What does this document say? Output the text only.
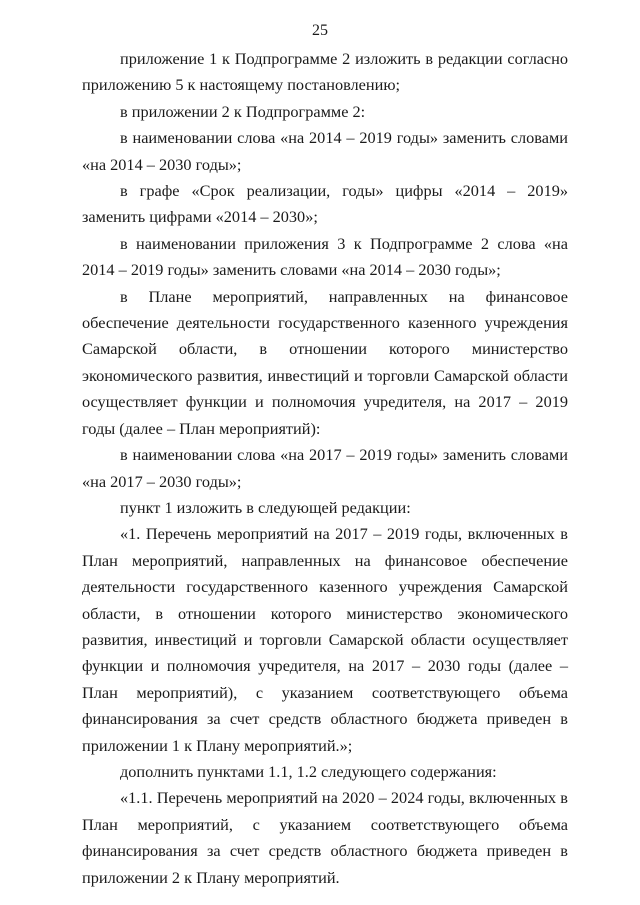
25

приложение 1 к Подпрограмме 2 изложить в редакции согласно приложению 5 к настоящему постановлению;

в приложении 2 к Подпрограмме 2:

в наименовании слова «на 2014 – 2019 годы» заменить словами «на 2014 – 2030 годы»;

в графе «Срок реализации, годы» цифры «2014 – 2019» заменить цифрами «2014 – 2030»;

в наименовании приложения 3 к Подпрограмме 2 слова «на 2014 – 2019 годы» заменить словами «на 2014 – 2030 годы»;

в Плане мероприятий, направленных на финансовое обеспечение деятельности государственного казенного учреждения Самарской области, в отношении которого министерство экономического развития, инвестиций и торговли Самарской области осуществляет функции и полномочия учредителя, на 2017 – 2019 годы (далее – План мероприятий):

в наименовании слова «на 2017 – 2019 годы» заменить словами «на 2017 – 2030 годы»;

пункт 1 изложить в следующей редакции:

«1. Перечень мероприятий на 2017 – 2019 годы, включенных в План мероприятий, направленных на финансовое обеспечение деятельности государственного казенного учреждения Самарской области, в отношении которого министерство экономического развития, инвестиций и торговли Самарской области осуществляет функции и полномочия учредителя, на 2017 – 2030 годы (далее – План мероприятий), с указанием соответствующего объема финансирования за счет средств областного бюджета приведен в приложении 1 к Плану мероприятий.»;

дополнить пунктами 1.1, 1.2 следующего содержания:

«1.1. Перечень мероприятий на 2020 – 2024 годы, включенных в План мероприятий, с указанием соответствующего объема финансирования за счет средств областного бюджета приведен в приложении 2 к Плану мероприятий.
